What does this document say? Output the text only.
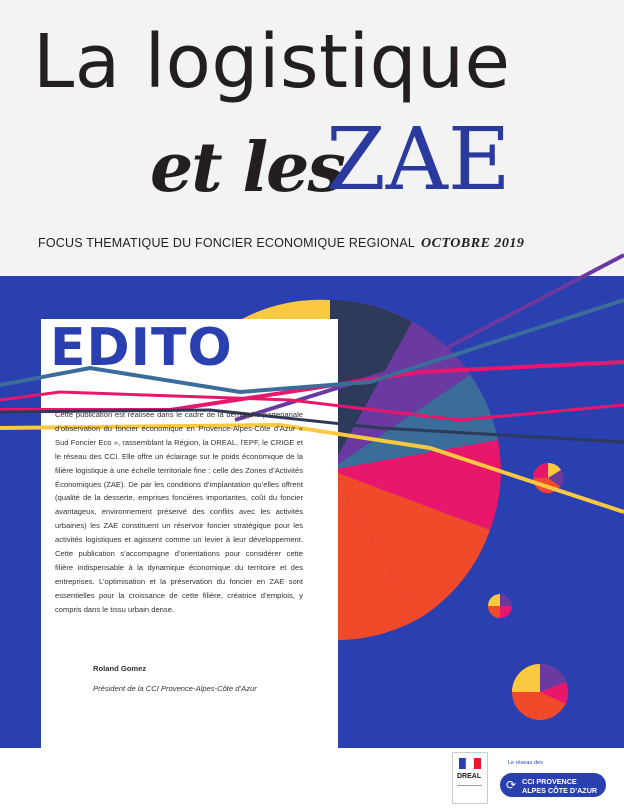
La logistique
et les
ZAE
FOCUS THEMATIQUE DU FONCIER ECONOMIQUE REGIONAL OCTOBRE 2019
EDITO
Cette publication est réalisée dans le cadre de la démarche partenariale d’observation du foncier économique en Provence-Alpes-Côte d’Azur « Sud Foncier Eco », rassemblant la Région, la DREAL, l’EPF, le CRIGE et le réseau des CCI. Elle offre un éclairage sur le poids économique de la filière logistique à une échelle territoriale fine : celle des Zones d’Activités Économiques (ZAE). De par les conditions d’implantation qu’elles offrent (qualité de la desserte, emprises foncières importantes, coût du foncier avantageux, environnement préservé des conflits avec les activités urbaines) les ZAE constituent un réservoir foncier stratégique pour les activités logistiques et agissent comme un levier à leur développement. Cette publication s’accompagne d’orientations pour considérer cette filière indispensable à la dynamique économique du territoire et des entreprises. L’optimisation et la préservation du foncier en ZAE sont essentielles pour la croissance de cette filière, créatrice d’emplois, y compris dans le tissu urbain dense.
Roland Gomez
Président de la CCI Provence-Alpes-Côte d’Azur
DREAL
Le réseau des
⟳ CCI PROVENCE
ALPES CÔTE D’AZUR
